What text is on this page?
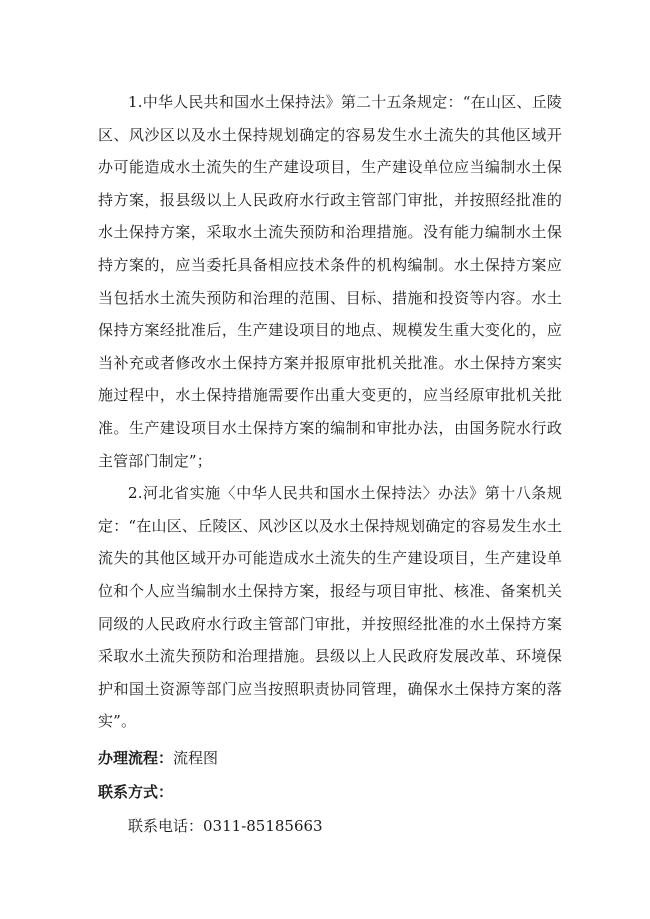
1.中华人民共和国水土保持法》第二十五条规定：“在山区、丘陵区、风沙区以及水土保持规划确定的容易发生水土流失的其他区域开办可能造成水土流失的生产建设项目，生产建设单位应当编制水土保持方案，报县级以上人民政府水行政主管部门审批，并按照经批准的水土保持方案，采取水土流失预防和治理措施。没有能力编制水土保持方案的，应当委托具备相应技术条件的机构编制。水土保持方案应当包括水土流失预防和治理的范围、目标、措施和投资等内容。水土保持方案经批准后，生产建设项目的地点、规模发生重大变化的，应当补充或者修改水土保持方案并报原审批机关批准。水土保持方案实施过程中，水土保持措施需要作出重大变更的，应当经原审批机关批准。生产建设项目水土保持方案的编制和审批办法，由国务院水行政主管部门制定”；

2.河北省实施〈中华人民共和国水土保持法〉办法》第十八条规定：“在山区、丘陵区、风沙区以及水土保持规划确定的容易发生水土流失的其他区域开办可能造成水土流失的生产建设项目，生产建设单位和个人应当编制水土保持方案，报经与项目审批、核准、备案机关同级的人民政府水行政主管部门审批，并按照经批准的水土保持方案采取水土流失预防和治理措施。县级以上人民政府发展改革、环境保护和国土资源等部门应当按照职责协同管理，确保水土保持方案的落实”。

办理流程：流程图

联系方式：

联系电话：0311-85185663
